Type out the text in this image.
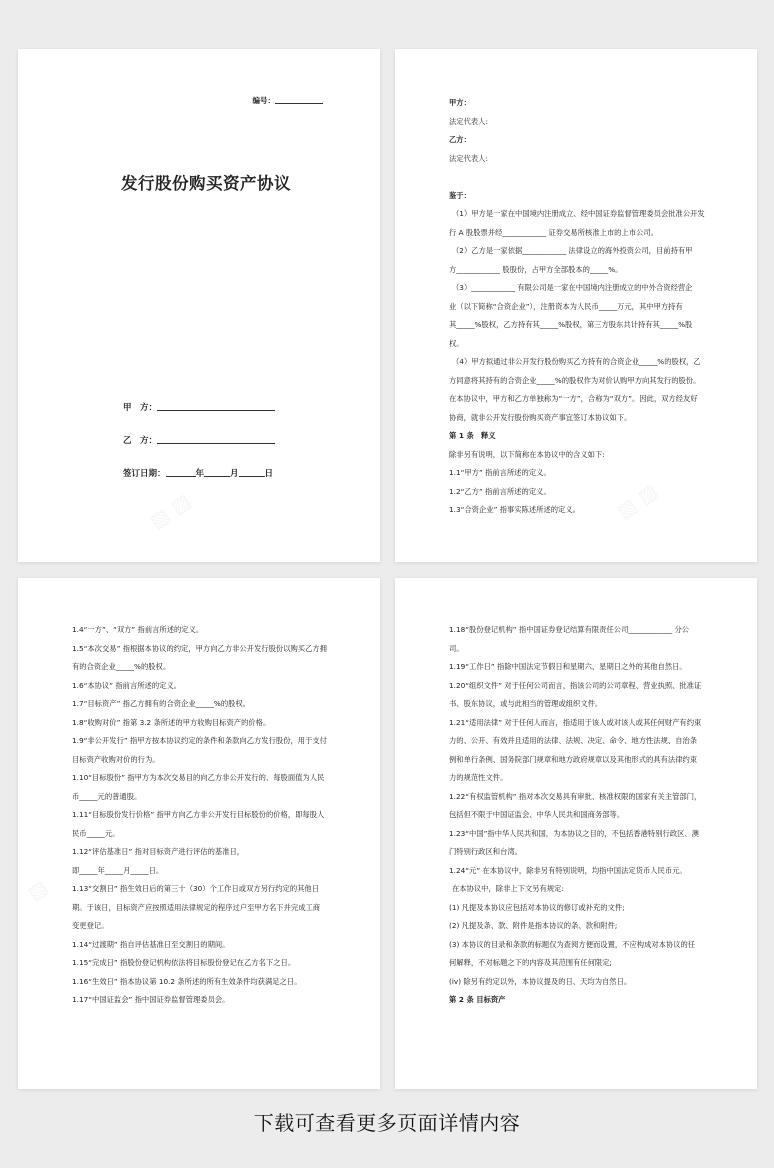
编号：
发行股份购买资产协议
甲　方：
乙　方：
签订日期：	年	月	日

甲方：

法定代表人:

乙方：

法定代表人:

鉴于：

（1）甲方是一家在中国境内注册成立、经中国证券监督管理委员会批准公开发

行 A 股股票并经____________ 证券交易所核准上市的上市公司。

（2）乙方是一家依据____________ 法律设立的海外投资公司，目前持有甲

方____________ 股股份，占甲方全部股本的_____%。

（3）____________ 有限公司是一家在中国境内注册成立的中外合资经营企

业（以下简称“合资企业”），注册资本为人民币_____万元，其中甲方持有

其_____%股权，乙方持有其_____%股权，第三方股东共计持有其_____%股

权。

（4）甲方拟通过非公开发行股份购买乙方持有的合资企业_____%的股权，乙

方同意将其持有的合资企业_____%的股权作为对价认购甲方向其发行的股份。

在本协议中，甲方和乙方单独称为“一方”，合称为“双方”。因此，双方经友好

协商，就非公开发行股份购买资产事宜签订本协议如下。

第 1 条　释义

除非另有说明，以下简称在本协议中的含义如下:

1.1“甲方” 指前言所述的定义。

1.2“乙方” 指前言所述的定义。

1.3“合资企业” 指事实陈述所述的定义。

1.4“一方”、“双方” 指前言所述的定义。

1.5“本次交易” 指根据本协议的约定，甲方向乙方非公开发行股份以购买乙方拥

有的合资企业_____%的股权。

1.6“本协议” 指前言所述的定义。

1.7“目标资产” 指乙方拥有的合资企业_____%的股权。

1.8“收购对价” 指第 3.2 条所述的甲方收购目标资产的价格。

1.9“非公开发行” 指甲方按本协议约定的条件和条款向乙方发行股份，用于支付

目标资产收购对价的行为。

1.10“目标股份” 指甲方为本次交易目的向乙方非公开发行的、每股面值为人民

币_____元的普通股。

1.11“目标股份发行价格” 指甲方向乙方非公开发行目标股份的价格，即每股人

民币_____元。

1.12“评估基准日” 指对目标资产进行评估的基准日，

即_____年_____月_____日。

1.13“交割日” 指生效日后的第三十（30）个工作日或双方另行约定的其他日

期。于该日，目标资产应按照适用法律规定的程序过户至甲方名下并完成工商

变更登记。

1.14“过渡期” 指自评估基准日至交割日的期间。

1.15“完成日” 指股份登记机构依法将目标股份登记在乙方名下之日。

1.16“生效日” 指本协议第 10.2 条所述的所有生效条件均获满足之日。

1.17“中国证监会” 指中国证券监督管理委员会。

1.18“股份登记机构” 指中国证券登记结算有限责任公司____________ 分公

司。

1.19“工作日” 指除中国法定节假日和星期六、星期日之外的其他自然日。

1.20“组织文件” 对于任何公司而言，指该公司的公司章程、营业执照、批准证

书、股东协议，或与此相当的管理或组织文件。

1.21“适用法律” 对于任何人而言，指适用于该人或对该人或其任何财产有约束

力的、公开、有效并且适用的法律、法规、决定、命令、地方性法规、自治条

例和单行条例、国务院部门规章和地方政府规章以及其他形式的具有法律约束

力的规范性文件。

1.22“有权监管机构” 指对本次交易具有审批、核准权限的国家有关主管部门，

包括但不限于中国证监会、中华人民共和国商务部等。

1.23“中国”指中华人民共和国，为本协议之目的，不包括香港特别行政区、澳

门特别行政区和台湾。

1.24“元” 在本协议中，除非另有特别说明，均指中国法定货币人民币元。

在本协议中，除非上下文另有规定:

(1) 凡提及本协议应包括对本协议的修订或补充的文件;

(2) 凡提及条、款、附件是指本协议的条、款和附件;

(3) 本协议的目录和条款的标题仅为查阅方便而设置，不应构成对本协议的任

何解释，不对标题之下的内容及其范围有任何限定;

(iv) 除另有约定以外，本协议提及的日、天均为自然日。

第 2 条 目标资产

下载可查看更多页面详情内容
